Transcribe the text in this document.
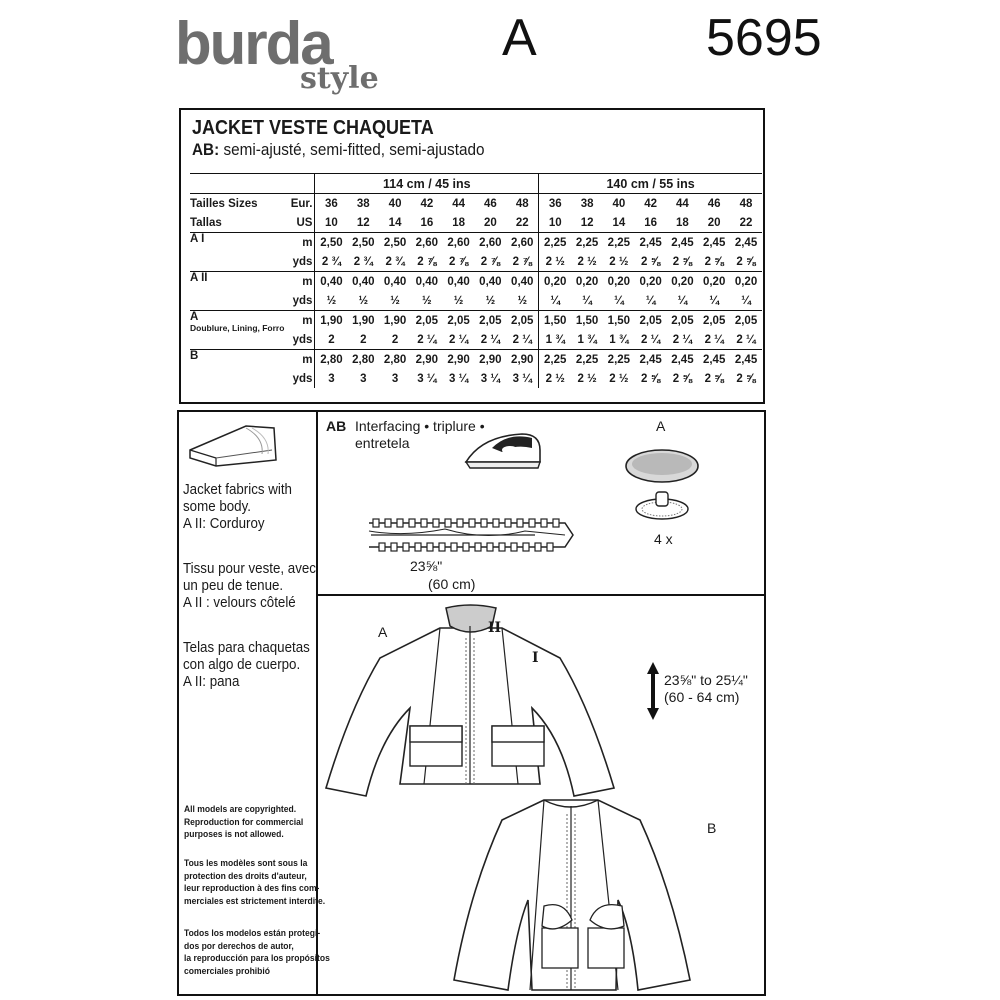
burda
style
A	5695
JACKET VESTE CHAQUETA
AB: semi-ajusté, semi-fitted, semi-ajustado
		114 cm / 45 ins							140 cm / 55 ins						
Tailles Sizes	Eur.	36	38	40	42	44	46	48	36	38	40	42	44	46	48
Tallas	US	10	12	14	16	18	20	22	10	12	14	16	18	20	22
A I	m	2,50	2,50	2,50	2,60	2,60	2,60	2,60	2,25	2,25	2,25	2,45	2,45	2,45	2,45
	yds	2 ¾	2 ¾	2 ¾	2 ⅞	2 ⅞	2 ⅞	2 ⅞	2 ½	2 ½	2 ½	2 ⅝	2 ⅝	2 ⅝	2 ⅝
A II	m	0,40	0,40	0,40	0,40	0,40	0,40	0,40	0,20	0,20	0,20	0,20	0,20	0,20	0,20
	yds	½	½	½	½	½	½	½	¼	¼	¼	¼	¼	¼	¼
A
Doublure, Lining, Forro	m	1,90	1,90	1,90	2,05	2,05	2,05	2,05	1,50	1,50	1,50	2,05	2,05	2,05	2,05
	yds	2	2	2	2 ¼	2 ¼	2 ¼	2 ¼	1 ¾	1 ¾	1 ¾	2 ¼	2 ¼	2 ¼	2 ¼
B	m	2,80	2,80	2,80	2,90	2,90	2,90	2,90	2,25	2,25	2,25	2,45	2,45	2,45	2,45
	yds	3	3	3	3 ¼	3 ¼	3 ¼	3 ¼	2 ½	2 ½	2 ½	2 ⅝	2 ⅝	2 ⅝	2 ⅝
Jacket fabrics with
some body.
A II: Corduroy
Tissu pour veste, avec
un peu de tenue.
A II : velours côtelé
Telas para chaquetas
con algo de cuerpo.
A II: pana
All models are copyrighted.
Reproduction for commercial
purposes is not allowed.
Tous les modèles sont sous la
protection des droits d'auteur,
leur reproduction à des fins com-
merciales est strictement interdite.
Todos los modelos están protegi-
dos por derechos de autor,
la reproducción para los propósitos
comerciales prohibió
AB Interfacing • triplure •
entretela
A
4 x
23⅝"
(60 cm)
A	II
I
23⅝" to 25¼"
(60 - 64 cm)
B
